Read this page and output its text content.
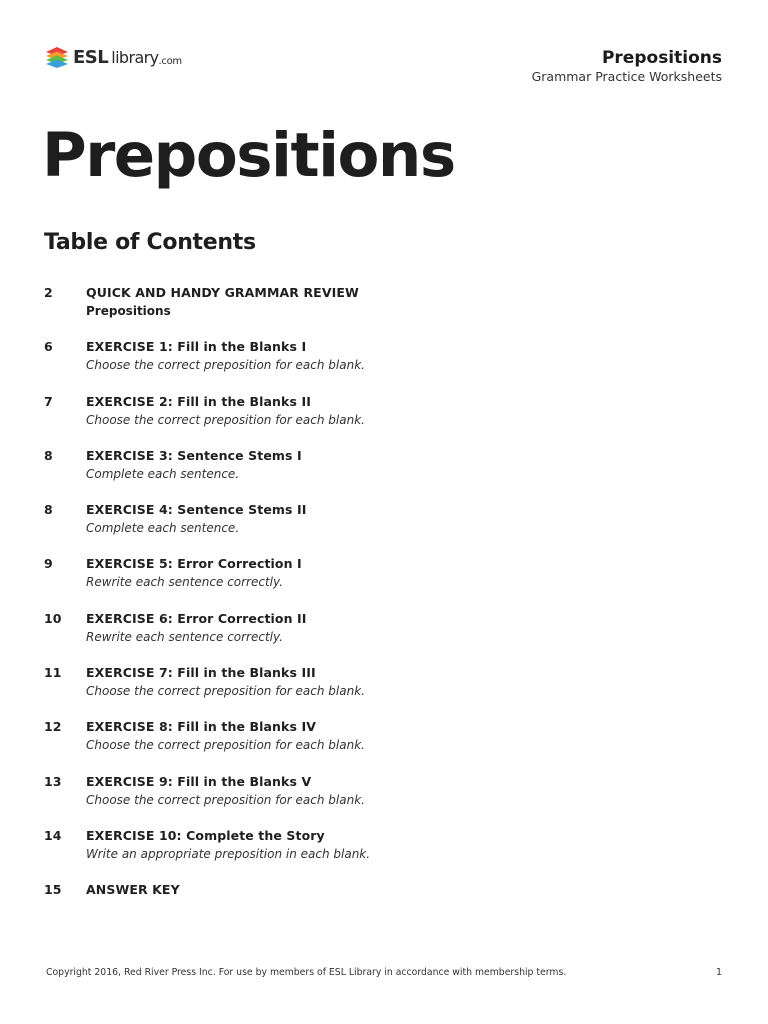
ESL library .com	Prepositions
Grammar Practice Worksheets
Prepositions
Table of Contents
2	QUICK AND HANDY GRAMMAR REVIEW
Prepositions
6	EXERCISE 1: Fill in the Blanks I
Choose the correct preposition for each blank.
7	EXERCISE 2: Fill in the Blanks II
Choose the correct preposition for each blank.
8	EXERCISE 3: Sentence Stems I
Complete each sentence.
8	EXERCISE 4: Sentence Stems II
Complete each sentence.
9	EXERCISE 5: Error Correction I
Rewrite each sentence correctly.
10	EXERCISE 6: Error Correction II
Rewrite each sentence correctly.
11	EXERCISE 7: Fill in the Blanks III
Choose the correct preposition for each blank.
12	EXERCISE 8: Fill in the Blanks IV
Choose the correct preposition for each blank.
13	EXERCISE 9: Fill in the Blanks V
Choose the correct preposition for each blank.
14	EXERCISE 10: Complete the Story
Write an appropriate preposition in each blank.
15	ANSWER KEY
Copyright 2016, Red River Press Inc. For use by members of ESL Library in accordance with membership terms.	1
